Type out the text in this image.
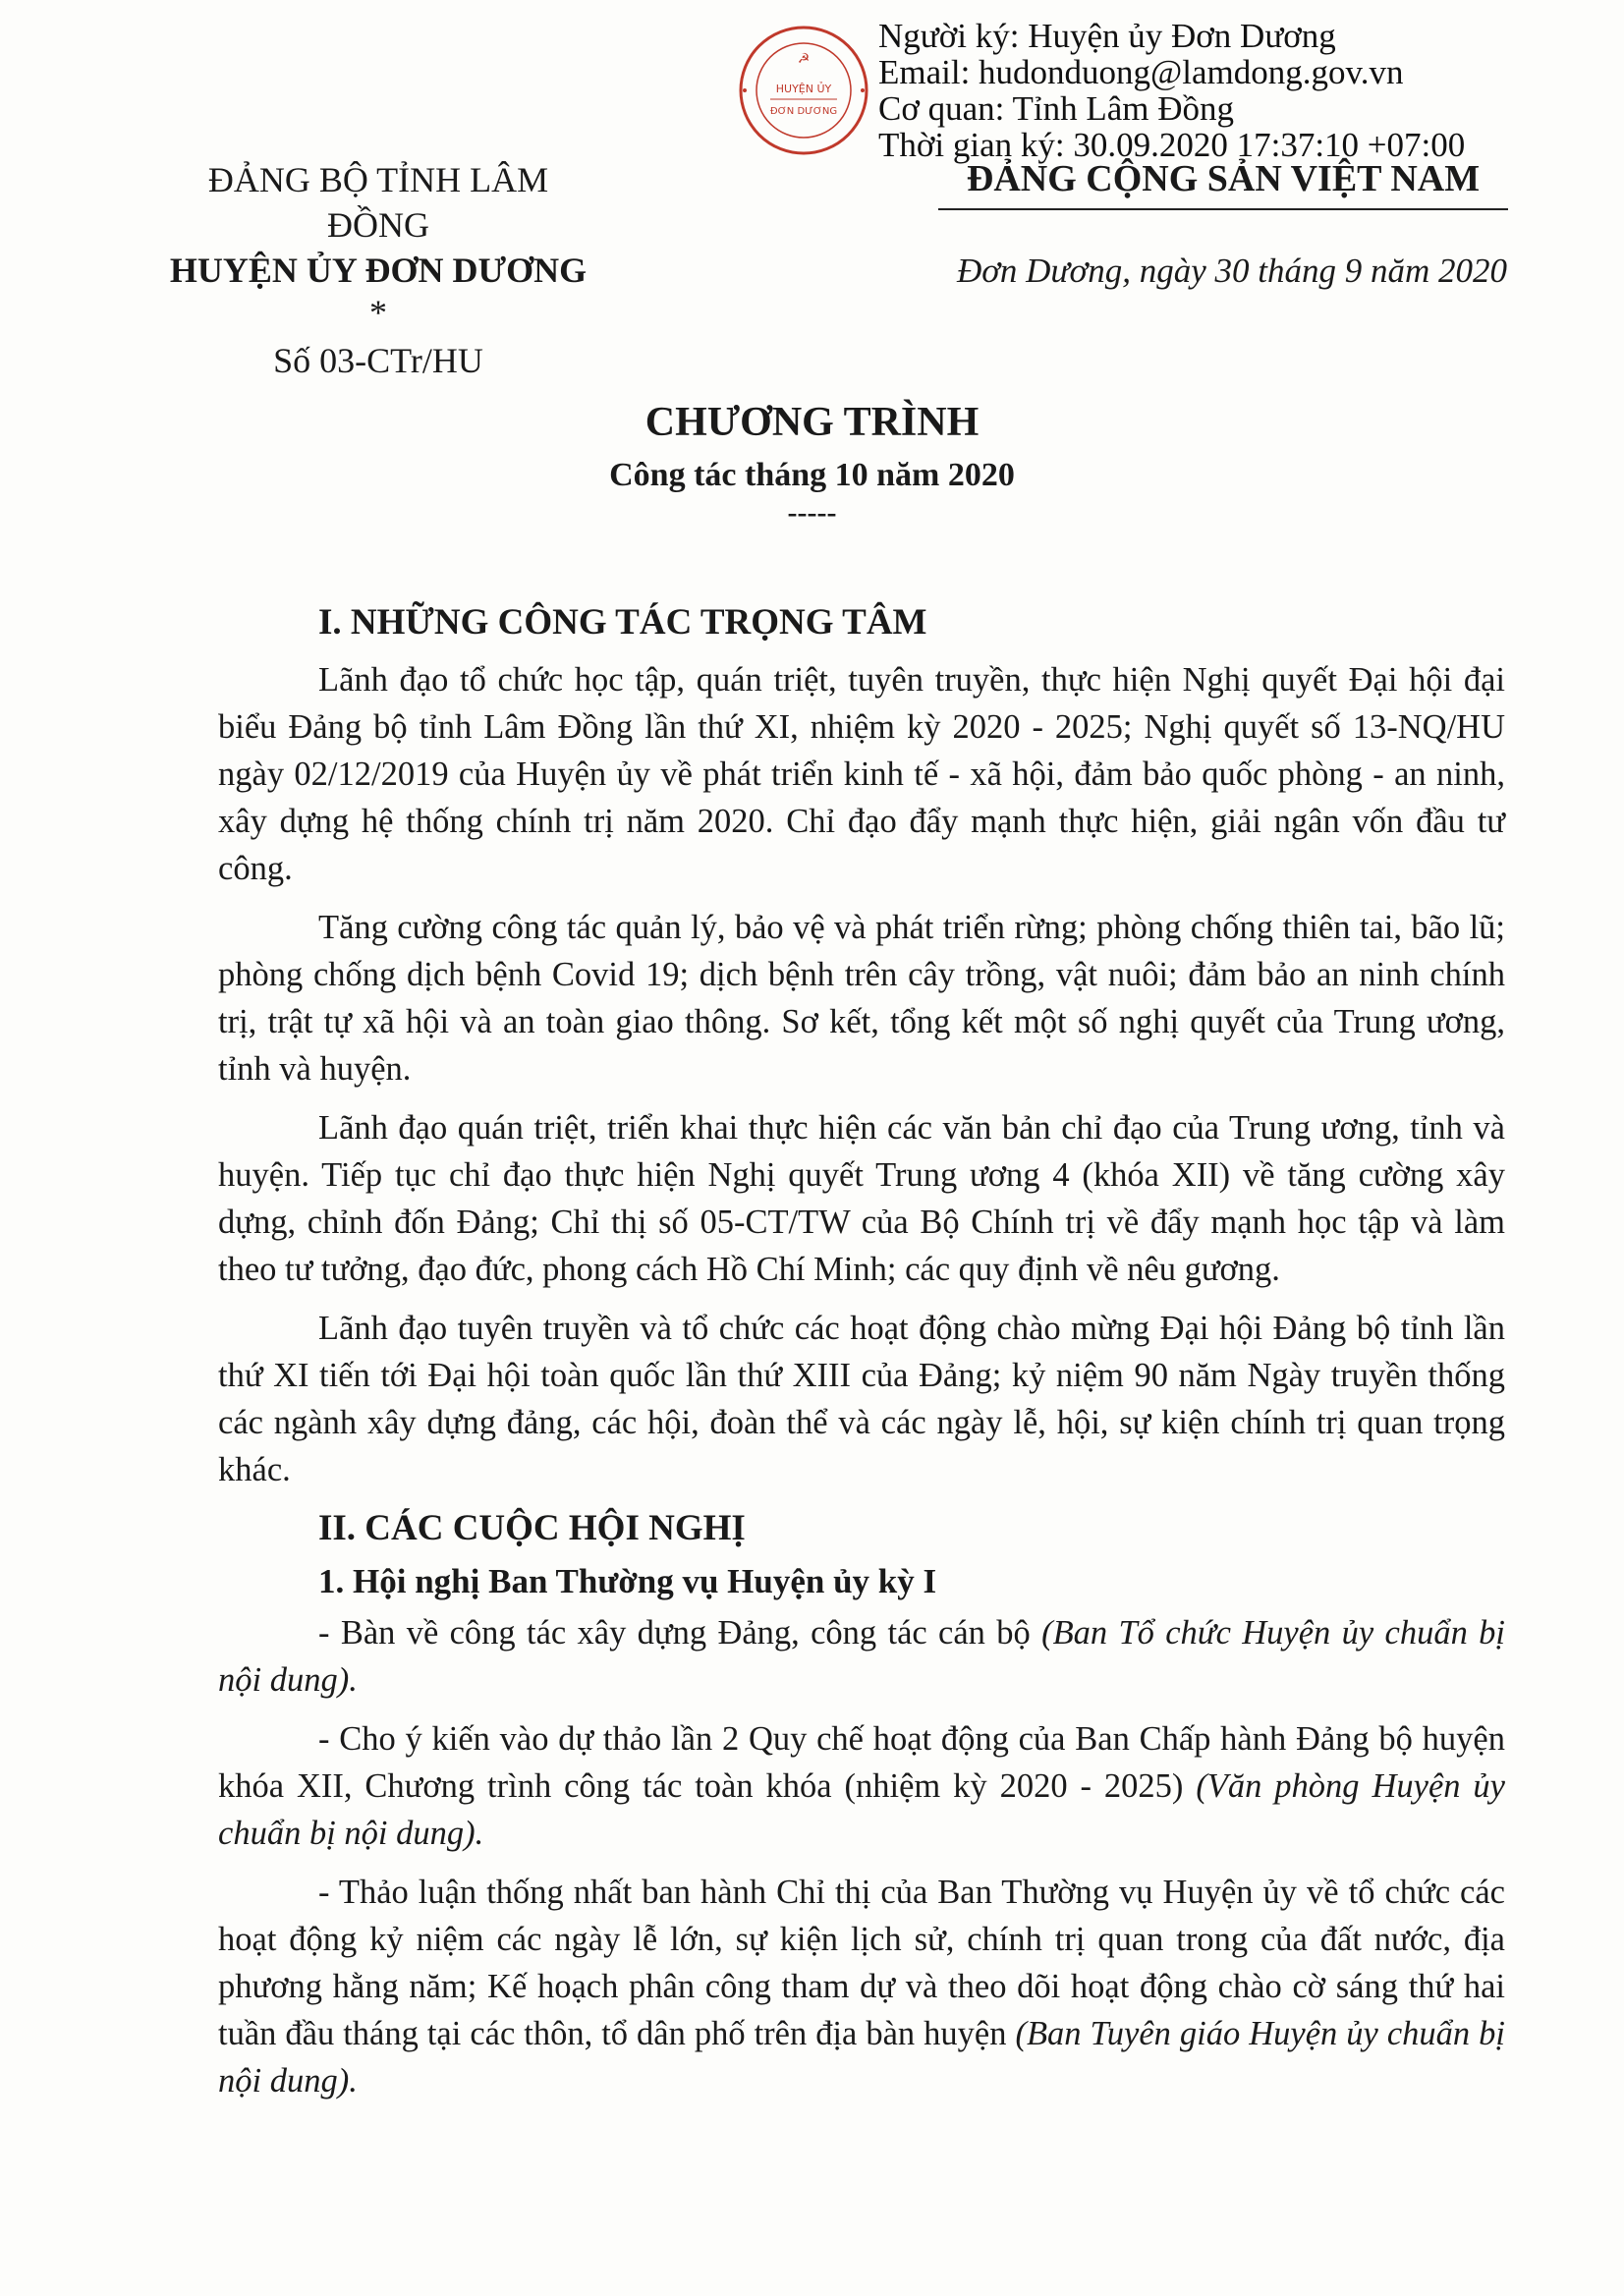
☭
HUYỆN ỦY
ĐƠN DƯƠNG
Người ký: Huyện ủy Đơn Dương
Email: hudonduong@lamdong.gov.vn
Cơ quan: Tỉnh Lâm Đồng
Thời gian ký: 30.09.2020 17:37:10 +07:00
ĐẢNG BỘ TỈNH LÂM ĐỒNG
HUYỆN ỦY ĐƠN DƯƠNG
*
Số 03-CTr/HU
ĐẢNG CỘNG SẢN VIỆT NAM
Đơn Dương, ngày 30 tháng 9 năm 2020
CHƯƠNG TRÌNH
Công tác tháng 10 năm 2020
-----
I. NHỮNG CÔNG TÁC TRỌNG TÂM

Lãnh đạo tổ chức học tập, quán triệt, tuyên truyền, thực hiện Nghị quyết Đại hội đại biểu Đảng bộ tỉnh Lâm Đồng lần thứ XI, nhiệm kỳ 2020 - 2025; Nghị quyết số 13-NQ/HU ngày 02/12/2019 của Huyện ủy về phát triển kinh tế - xã hội, đảm bảo quốc phòng - an ninh, xây dựng hệ thống chính trị năm 2020. Chỉ đạo đẩy mạnh thực hiện, giải ngân vốn đầu tư công.

Tăng cường công tác quản lý, bảo vệ và phát triển rừng; phòng chống thiên tai, bão lũ; phòng chống dịch bệnh Covid 19; dịch bệnh trên cây trồng, vật nuôi; đảm bảo an ninh chính trị, trật tự xã hội và an toàn giao thông. Sơ kết, tổng kết một số nghị quyết của Trung ương, tỉnh và huyện.

Lãnh đạo quán triệt, triển khai thực hiện các văn bản chỉ đạo của Trung ương, tỉnh và huyện. Tiếp tục chỉ đạo thực hiện Nghị quyết Trung ương 4 (khóa XII) về tăng cường xây dựng, chỉnh đốn Đảng; Chỉ thị số 05-CT/TW của Bộ Chính trị về đẩy mạnh học tập và làm theo tư tưởng, đạo đức, phong cách Hồ Chí Minh; các quy định về nêu gương.

Lãnh đạo tuyên truyền và tổ chức các hoạt động chào mừng Đại hội Đảng bộ tỉnh lần thứ XI tiến tới Đại hội toàn quốc lần thứ XIII của Đảng; kỷ niệm 90 năm Ngày truyền thống các ngành xây dựng đảng, các hội, đoàn thể và các ngày lễ, hội, sự kiện chính trị quan trọng khác.

II. CÁC CUỘC HỘI NGHỊ
1. Hội nghị Ban Thường vụ Huyện ủy kỳ I

- Bàn về công tác xây dựng Đảng, công tác cán bộ (Ban Tổ chức Huyện ủy chuẩn bị nội dung).

- Cho ý kiến vào dự thảo lần 2 Quy chế hoạt động của Ban Chấp hành Đảng bộ huyện khóa XII, Chương trình công tác toàn khóa (nhiệm kỳ 2020 - 2025) (Văn phòng Huyện ủy chuẩn bị nội dung).

- Thảo luận thống nhất ban hành Chỉ thị của Ban Thường vụ Huyện ủy về tổ chức các hoạt động kỷ niệm các ngày lễ lớn, sự kiện lịch sử, chính trị quan trong của đất nước, địa phương hằng năm; Kế hoạch phân công tham dự và theo dõi hoạt động chào cờ sáng thứ hai tuần đầu tháng tại các thôn, tổ dân phố trên địa bàn huyện (Ban Tuyên giáo Huyện ủy chuẩn bị nội dung).
